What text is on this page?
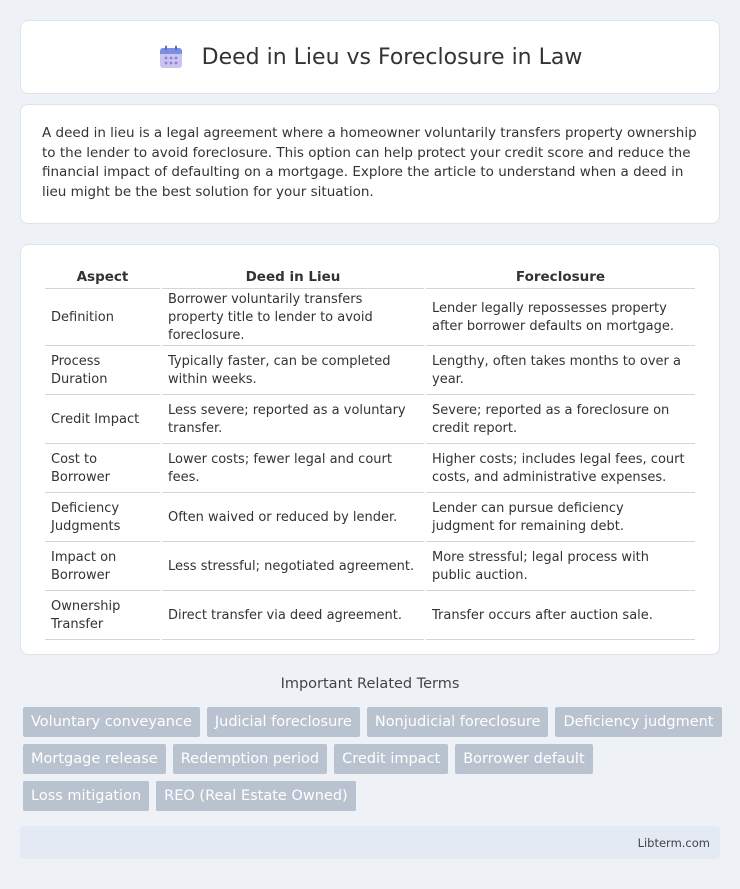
Deed in Lieu vs Foreclosure in Law

A deed in lieu is a legal agreement where a homeowner voluntarily transfers property ownership to the lender to avoid foreclosure. This option can help protect your credit score and reduce the financial impact of defaulting on a mortgage. Explore the article to understand when a deed in lieu might be the best solution for your situation.

Aspect	Deed in Lieu	Foreclosure
Definition	Borrower voluntarily transfers property title to lender to avoid foreclosure.	Lender legally repossesses property after borrower defaults on mortgage.
Process Duration	Typically faster, can be completed within weeks.	Lengthy, often takes months to over a year.
Credit Impact	Less severe; reported as a voluntary transfer.	Severe; reported as a foreclosure on credit report.
Cost to Borrower	Lower costs; fewer legal and court fees.	Higher costs; includes legal fees, court costs, and administrative expenses.
Deficiency Judgments	Often waived or reduced by lender.	Lender can pursue deficiency judgment for remaining debt.
Impact on Borrower	Less stressful; negotiated agreement.	More stressful; legal process with public auction.
Ownership Transfer	Direct transfer via deed agreement.	Transfer occurs after auction sale.
Important Related Terms
Voluntary conveyance	Judicial foreclosure	Nonjudicial foreclosure	Deficiency judgment
Mortgage release	Redemption period	Credit impact	Borrower default
Loss mitigation	REO (Real Estate Owned)
Libterm.com
